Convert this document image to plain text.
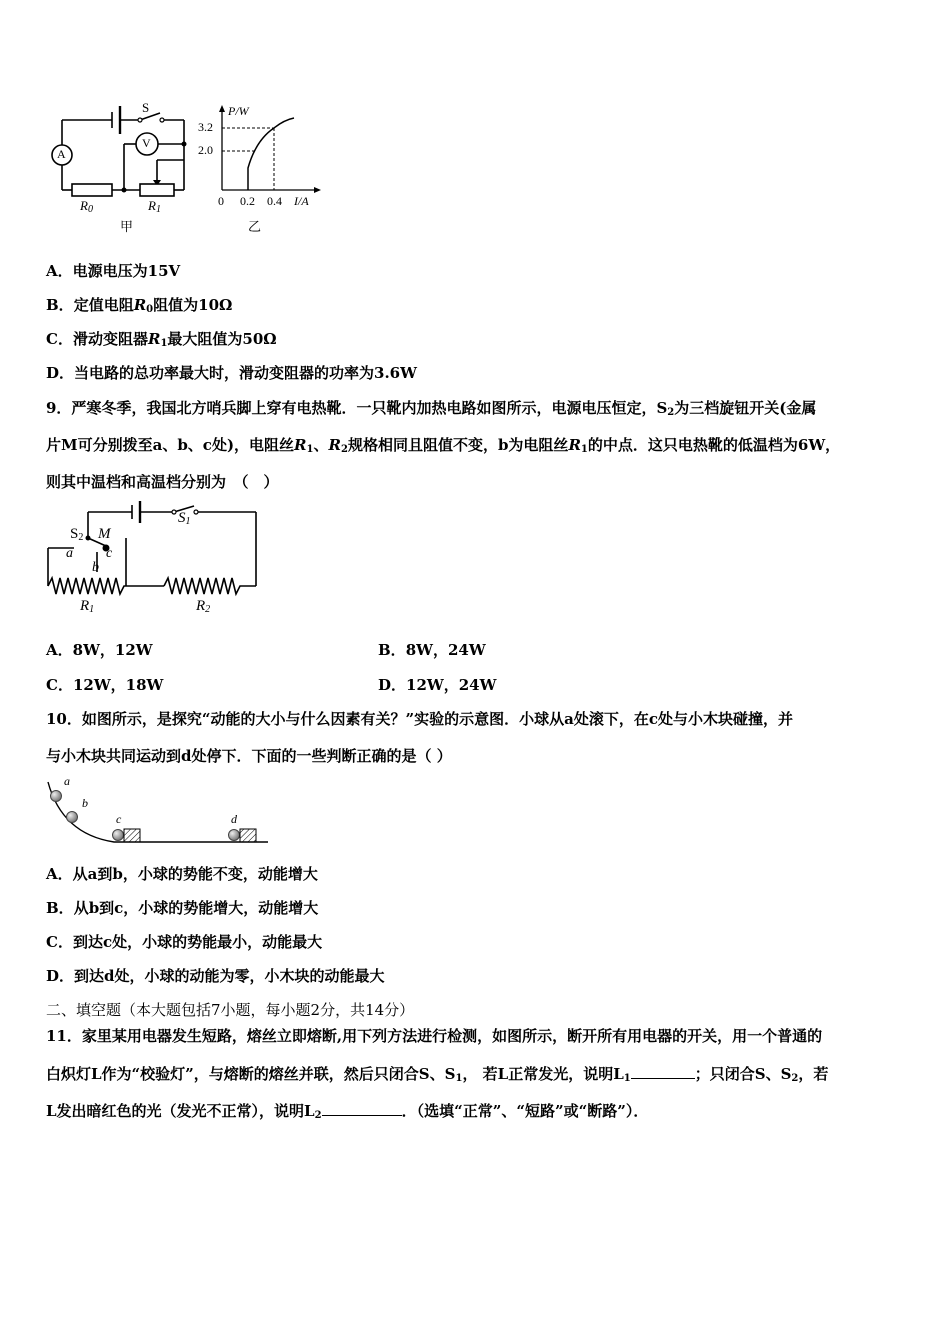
A
V
S
$R_0$	$R_1$
甲
P/W
3.2
2.0
0 0.2 0.4 I/A
乙
A．电源电压为15V
B．定值电阻$R_0$阻值为10Ω
C．滑动变阻器$R_1$最大阻值为50Ω
D．当电路的总功率最大时，滑动变阻器的功率为3.6W
9．严寒冬季，我国北方哨兵脚上穿有电热靴．一只靴内加热电路如图所示，电源电压恒定，$S_2$为三档旋钮开关(金属
片M可分别拨至a、b、c处)，电阻丝$R_1$、$R_2$规格相同且阻值不变，b为电阻丝$R_1$的中点．这只电热靴的低温档为6W，
则其中温档和高温档分别为　（　）
$S_1$
$S_2$ M
a
b
c
$R_1$	$R_2$
A．8W，12W	B．8W，24W
C．12W，18W	D．12W，24W
10．如图所示，是探究“动能的大小与什么因素有关？”实验的示意图．小球从a处滚下，在c处与小木块碰撞，并
与小木块共同运动到d处停下．下面的一些判断正确的是（ ）
a
b
c	d
A．从a到b，小球的势能不变，动能增大
B．从b到c，小球的势能增大，动能增大
C．到达c处，小球的势能最小，动能最大
D．到达d处，小球的动能为零，小木块的动能最大
二、填空题（本大题包括7小题，每小题2分，共14分）
11．家里某用电器发生短路，熔丝立即熔断,用下列方法进行检测，如图所示，断开所有用电器的开关，用一个普通的
白炽灯L作为“校验灯”，与熔断的熔丝并联，然后只闭合S、$S_1$， 若L正常发光，说明$L_1$	；只闭合S、$S_2$，若
L发出暗红色的光（发光不正常），说明$L_2$	．（选填“正常”、“短路”或“断路”）．
